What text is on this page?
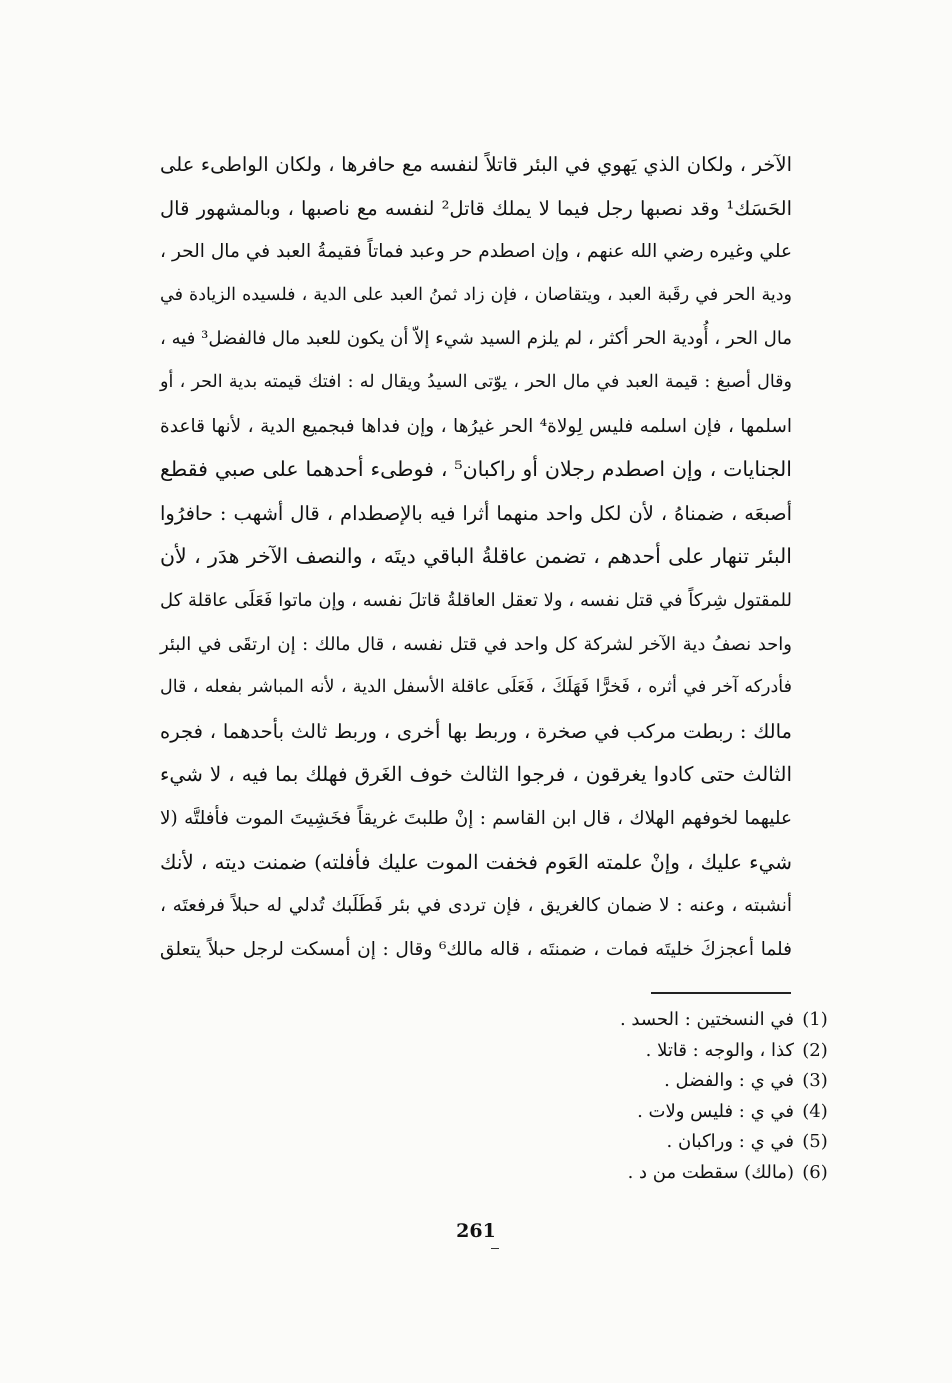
الآخر ، ولكان الذي يَهوي في البئر قاتلاً لنفسه مع حافرها ، ولكان الواطىء على
الحَسَك¹ وقد نصبها رجل فيما لا يملك قاتل² لنفسه مع ناصبها ، وبالمشهور قال
علي وغيره رضي الله عنهم ، وإن اصطدم حر وعبد فماتاً فقيمةُ العبد في مال الحر ،
ودية الحر في رقَبة العبد ، ويتقاصان ، فإن زاد ثمنُ العبد على الدية ، فلسيده الزيادة في
مال الحر ، أُودية الحر أكثر ، لم يلزم السيد شيء إلاّ أن يكون للعبد مال فالفضل³ فيه ،
وقال أصبغ : قيمة العبد في مال الحر ، يوّتى السيدُ ويقال له : افتك قيمته بدية الحر ، أو
اسلمها ، فإن اسلمه فليس لِولاة⁴ الحر غيرُها ، وإن فداها فبجميع الدية ، لأنها قاعدة
الجنايات ، وإن اصطدم رجلان أو راكبان⁵ ، فوطىء أحدهما على صبي فقطع
أصبعَه ، ضمناهُ ، لأن لكل واحد منهما أثرا فيه بالإصطدام ، قال أشهب : حافرُوا
البئر تنهار على أحدهم ، تضمن عاقلةُ الباقي ديتَه ، والنصف الآخر هدَر ، لأن
للمقتول شِركاً في قتل نفسه ، ولا تعقل العاقلةُ قاتلَ نفسه ، وإن ماتوا فَعَلَى عاقلة كل
واحد نصفُ دية الآخر لشركة كل واحد في قتل نفسه ، قال مالك : إن ارتقَى في البئر
فأدركه آخر في أثره ، فَخرًّا فَهَلَكَ ، فَعَلَى عاقلة الأسفل الدية ، لأنه المباشر بفعله ، قال
مالك : ربطت مركب في صخرة ، وربط بها أخرى ، وربط ثالث بأحدهما ، فجره
الثالث حتى كادوا يغرقون ، فرجوا الثالث خوف الغَرق فهلك بما فيه ، لا شيء
عليهما لخوفهم الهلاك ، قال ابن القاسم : إنْ طلبتَ غريقاً فخَشِيتَ الموت فأفلتَّه (لا
شيء عليك ، وإنْ علمته العَوم فخفت الموت عليك فأفلته) ضمنت ديته ، لأنك
أنشبته ، وعنه : لا ضمان كالغريق ، فإن تردى في بئر فَطَلَبك تُدلي له حبلاً فرفعتَه ،
فلما أعجزكَ خليتَه فمات ، ضمنتَه ، قاله مالك⁶ وقال : إن أمسكت لرجل حبلاً يتعلق
(1)
في النسختين : الحسد .
(2)
كذا ، والوجه : قاتلا .
(3)
في ي : والفضل .
(4)
في ي : فليس ولات .
(5)
في ي : وراكبان .
(6)
(مالك) سقطت من د .
261
